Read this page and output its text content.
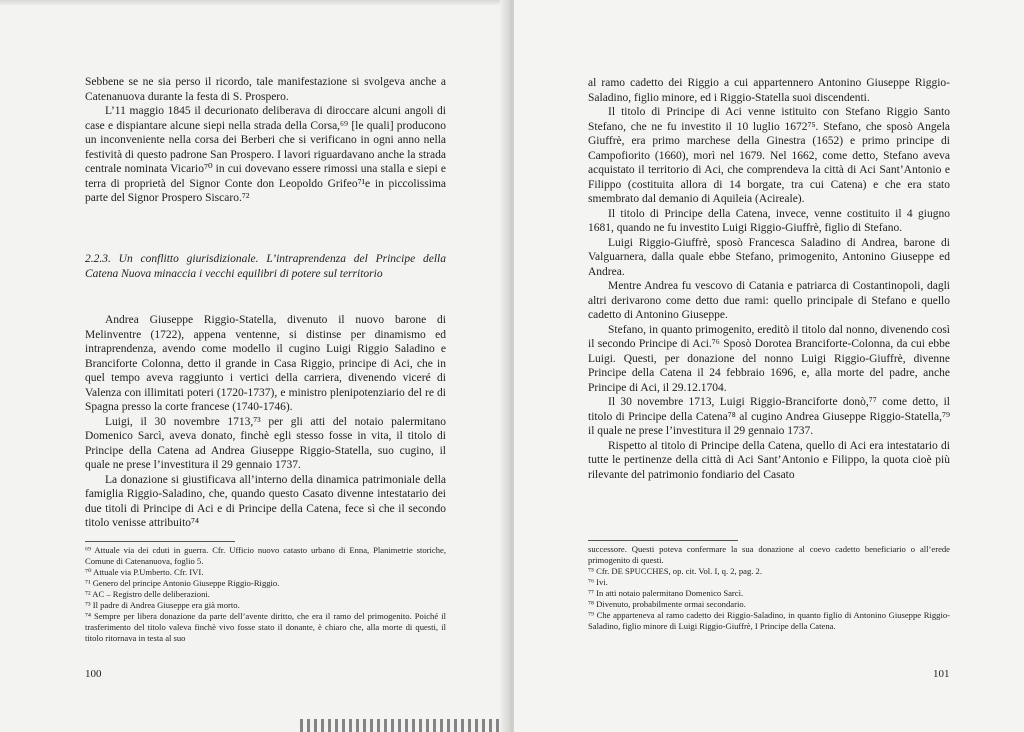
Sebbene se ne sia perso il ricordo, tale manifestazione si svolgeva anche a Catenanuova durante la festa di S. Prospero.

L’11 maggio 1845 il decurionato deliberava di diroccare alcuni angoli di case e dispiantare alcune siepi nella strada della Corsa,⁶⁹ [le quali] producono un inconveniente nella corsa dei Berberi che si verificano in ogni anno nella festività di questo padrone San Prospero. I lavori riguardavano anche la strada centrale nominata Vicario⁷⁰ in cui dovevano essere rimossi una stalla e siepi e terra di proprietà del Signor Conte don Leopoldo Grifeo⁷¹e in piccolissima parte del Signor Prospero Siscaro.⁷²

2.2.3. Un conflitto giurisdizionale. L’intraprendenza del Principe della Catena Nuova minaccia i vecchi equilibri di potere sul territorio

Andrea Giuseppe Riggio-Statella, divenuto il nuovo barone di Melinventre (1722), appena ventenne, si distinse per dinamismo ed intraprendenza, avendo come modello il cugino Luigi Riggio Saladino e Branciforte Colonna, detto il grande in Casa Riggio, principe di Aci, che in quel tempo aveva raggiunto i vertici della carriera, divenendo viceré di Valenza con illimitati poteri (1720-1737), e ministro plenipotenziario del re di Spagna presso la corte francese (1740-1746).

Luigi, il 30 novembre 1713,⁷³ per gli atti del notaio palermitano Domenico Sarcì, aveva donato, finchè egli stesso fosse in vita, il titolo di Principe della Catena ad Andrea Giuseppe Riggio-Statella, suo cugino, il quale ne prese l’investitura il 29 gennaio 1737.

La donazione si giustificava all’interno della dinamica patrimoniale della famiglia Riggio-Saladino, che, quando questo Casato divenne intestatario dei due titoli di Principe di Aci e di Principe della Catena, fece sì che il secondo titolo venisse attribuito⁷⁴

⁶⁹ Attuale via dei cduti in guerra. Cfr. Ufficio nuovo catasto urbano di Enna, Planimetrie storiche, Comune di Catenanuova, foglio 5.

⁷⁰ Attuale via P.Umberto. Cfr. IVI.

⁷¹ Genero del principe Antonio Giuseppe Riggio-Riggio.

⁷² AC – Registro delle deliberazioni.

⁷³ Il padre di Andrea Giuseppe era già morto.

⁷⁴ Sempre per libera donazione da parte dell’avente diritto, che era il ramo del primogenito. Poiché il trasferimento del titolo valeva finchè vivo fosse stato il donante, è chiaro che, alla morte di questi, il titolo ritornava in testa al suo

100

al ramo cadetto dei Riggio a cui appartennero Antonino Giuseppe Riggio-Saladino, figlio minore, ed i Riggio-Statella suoi discendenti.

Il titolo di Principe di Aci venne istituito con Stefano Riggio Santo Stefano, che ne fu investito il 10 luglio 1672⁷⁵. Stefano, che sposò Angela Giuffrè, era primo marchese della Ginestra (1652) e primo principe di Campofiorito (1660), morì nel 1679. Nel 1662, come detto, Stefano aveva acquistato il territorio di Aci, che comprendeva la città di Aci Sant’Antonio e Filippo (costituita allora di 14 borgate, tra cui Catena) e che era stato smembrato dal demanio di Aquileia (Acireale).

Il titolo di Principe della Catena, invece, venne costituito il 4 giugno 1681, quando ne fu investito Luigi Riggio-Giuffrè, figlio di Stefano.

Luigi Riggio-Giuffrè, sposò Francesca Saladino di Andrea, barone di Valguarnera, dalla quale ebbe Stefano, primogenito, Antonino Giuseppe ed Andrea.

Mentre Andrea fu vescovo di Catania e patriarca di Costantinopoli, dagli altri derivarono come detto due rami: quello principale di Stefano e quello cadetto di Antonino Giuseppe.

Stefano, in quanto primogenito, ereditò il titolo dal nonno, divenendo così il secondo Principe di Aci.⁷⁶ Sposò Dorotea Branciforte-Colonna, da cui ebbe Luigi. Questi, per donazione del nonno Luigi Riggio-Giuffrè, divenne Principe della Catena il 24 febbraio 1696, e, alla morte del padre, anche Principe di Aci, il 29.12.1704.

Il 30 novembre 1713, Luigi Riggio-Branciforte donò,⁷⁷ come detto, il titolo di Principe della Catena⁷⁸ al cugino Andrea Giuseppe Riggio-Statella,⁷⁹ il quale ne prese l’investitura il 29 gennaio 1737.

Rispetto al titolo di Principe della Catena, quello di Aci era intestatario di tutte le pertinenze della città di Aci Sant’Antonio e Filippo, la quota cioè più rilevante del patrimonio fondiario del Casato

successore. Questi poteva confermare la sua donazione al coevo cadetto beneficiario o all’erede primogenito di questi.

⁷⁵ Cfr. DE SPUCCHES, op. cit. Vol. I, q. 2, pag. 2.

⁷⁶ Ivi.

⁷⁷ In atti notaio palermitano Domenico Sarcì.

⁷⁸ Divenuto, probabilmente ormai secondario.

⁷⁹ Che apparteneva al ramo cadetto dei Riggio-Saladino, in quanto figlio di Antonino Giuseppe Riggio-Saladino, figlio minore di Luigi Riggio-Giuffrè, I Principe della Catena.

101
